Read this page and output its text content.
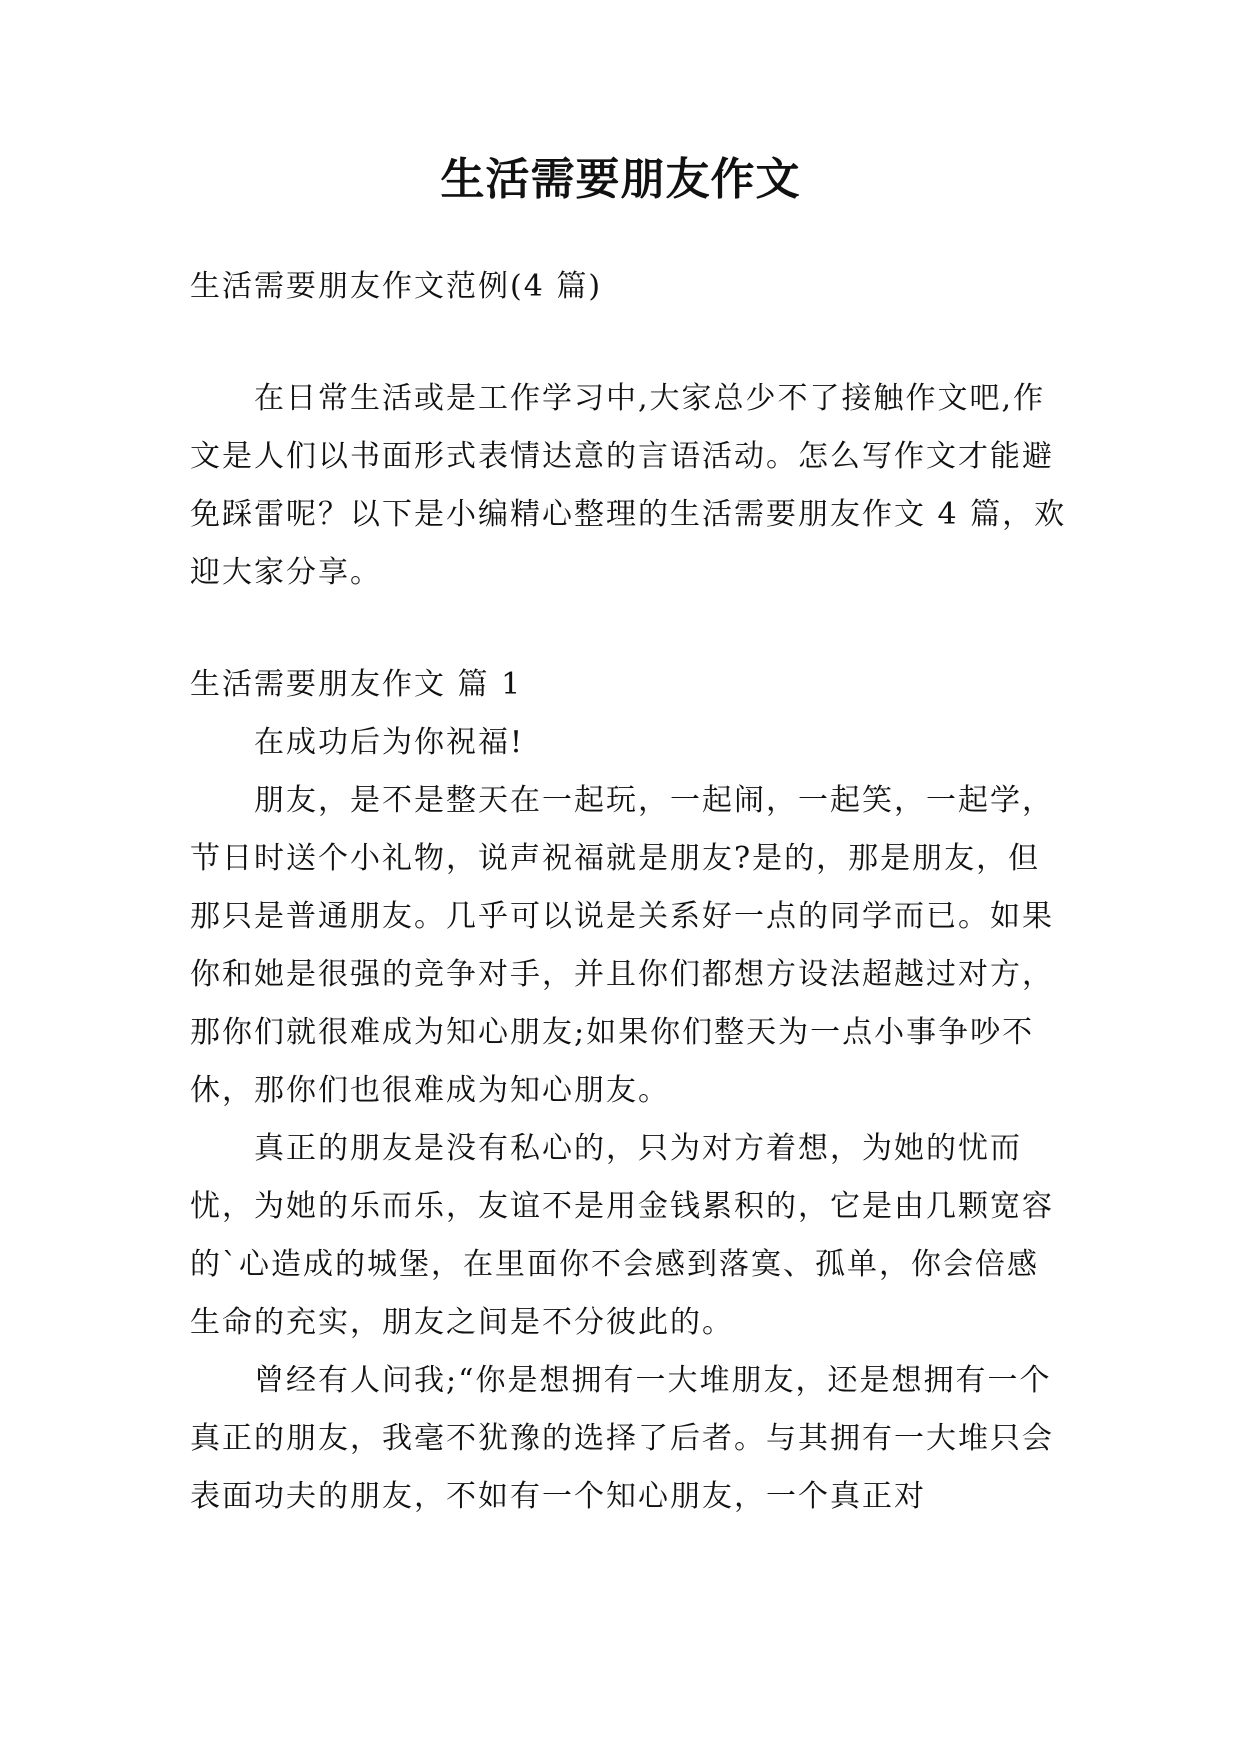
生活需要朋友作文

生活需要朋友作文范例(4 篇)

在日常生活或是工作学习中,大家总少不了接触作文吧,作文是人们以书面形式表情达意的言语活动。怎么写作文才能避免踩雷呢？以下是小编精心整理的生活需要朋友作文 4 篇，欢迎大家分享。

生活需要朋友作文 篇 1

在成功后为你祝福!

朋友，是不是整天在一起玩，一起闹，一起笑，一起学，节日时送个小礼物，说声祝福就是朋友?是的，那是朋友，但那只是普通朋友。几乎可以说是关系好一点的同学而已。如果你和她是很强的竞争对手，并且你们都想方设法超越过对方，那你们就很难成为知心朋友;如果你们整天为一点小事争吵不休，那你们也很难成为知心朋友。

真正的朋友是没有私心的，只为对方着想，为她的忧而忧，为她的乐而乐，友谊不是用金钱累积的，它是由几颗宽容的`心造成的城堡，在里面你不会感到落寞、孤单，你会倍感生命的充实，朋友之间是不分彼此的。

曾经有人问我;“你是想拥有一大堆朋友，还是想拥有一个真正的朋友，我毫不犹豫的选择了后者。与其拥有一大堆只会表面功夫的朋友，不如有一个知心朋友，一个真正对
